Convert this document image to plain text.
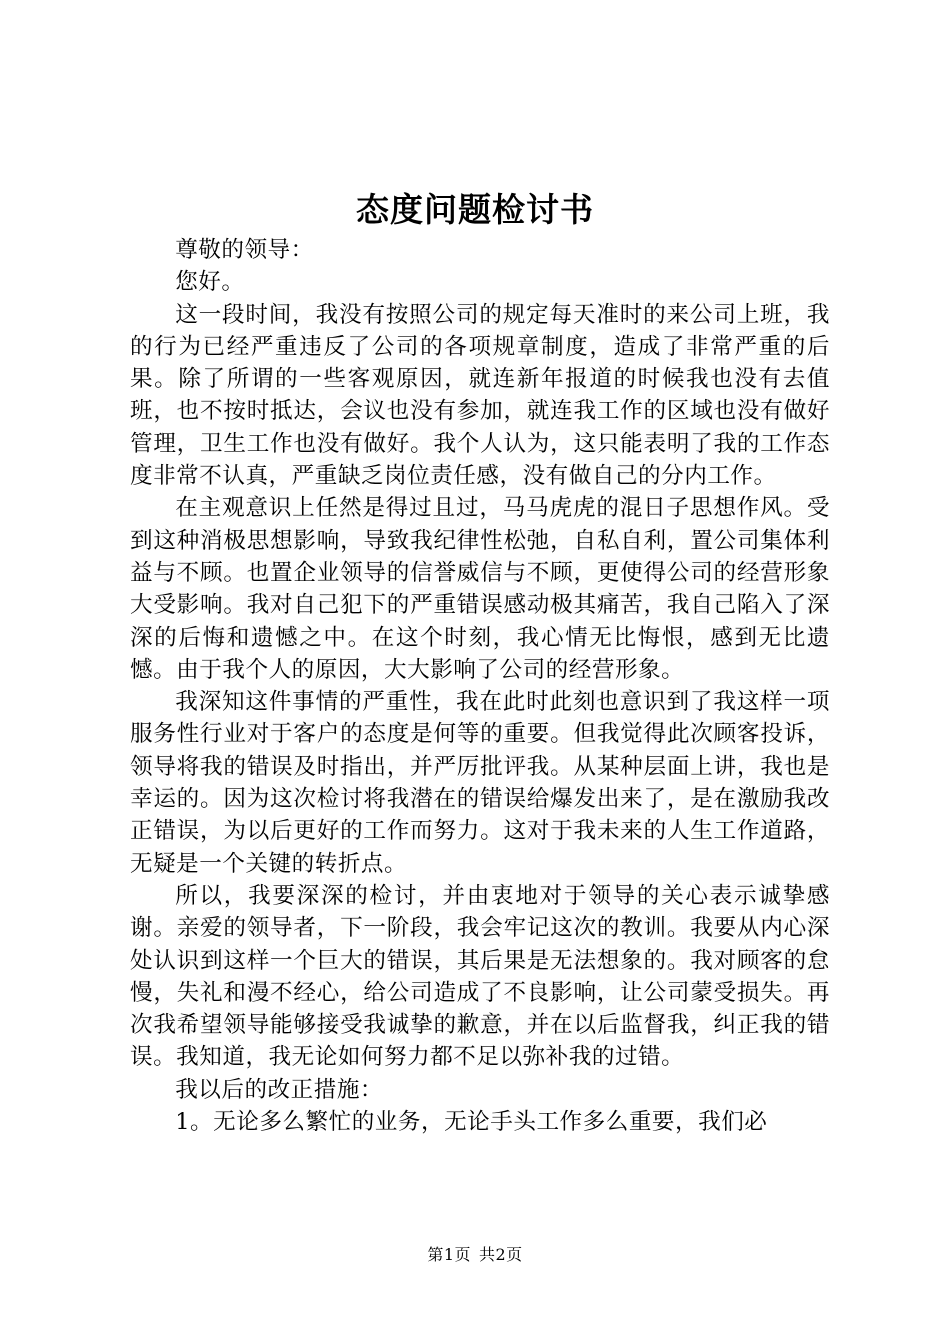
态度问题检讨书

尊敬的领导：

您好。

这一段时间，我没有按照公司的规定每天准时的来公司上班，我的行为已经严重违反了公司的各项规章制度，造成了非常严重的后果。除了所谓的一些客观原因，就连新年报道的时候我也没有去值班，也不按时抵达，会议也没有参加，就连我工作的区域也没有做好管理，卫生工作也没有做好。我个人认为，这只能表明了我的工作态度非常不认真，严重缺乏岗位责任感，没有做自己的分内工作。

在主观意识上任然是得过且过，马马虎虎的混日子思想作风。受到这种消极思想影响，导致我纪律性松弛，自私自利，置公司集体利益与不顾。也置企业领导的信誉威信与不顾，更使得公司的经营形象大受影响。我对自己犯下的严重错误感动极其痛苦，我自己陷入了深深的后悔和遗憾之中。在这个时刻，我心情无比悔恨，感到无比遗憾。由于我个人的原因，大大影响了公司的经营形象。

我深知这件事情的严重性，我在此时此刻也意识到了我这样一项服务性行业对于客户的态度是何等的重要。但我觉得此次顾客投诉，领导将我的错误及时指出，并严厉批评我。从某种层面上讲，我也是幸运的。因为这次检讨将我潜在的错误给爆发出来了，是在激励我改正错误，为以后更好的工作而努力。这对于我未来的人生工作道路，无疑是一个关键的转折点。

所以，我要深深的检讨，并由衷地对于领导的关心表示诚挚感谢。亲爱的领导者，下一阶段，我会牢记这次的教训。我要从内心深处认识到这样一个巨大的错误，其后果是无法想象的。我对顾客的怠慢，失礼和漫不经心，给公司造成了不良影响，让公司蒙受损失。再次我希望领导能够接受我诚挚的歉意，并在以后监督我，纠正我的错误。我知道，我无论如何努力都不足以弥补我的过错。

我以后的改正措施：

1。无论多么繁忙的业务，无论手头工作多么重要，我们必

第1页 共2页
